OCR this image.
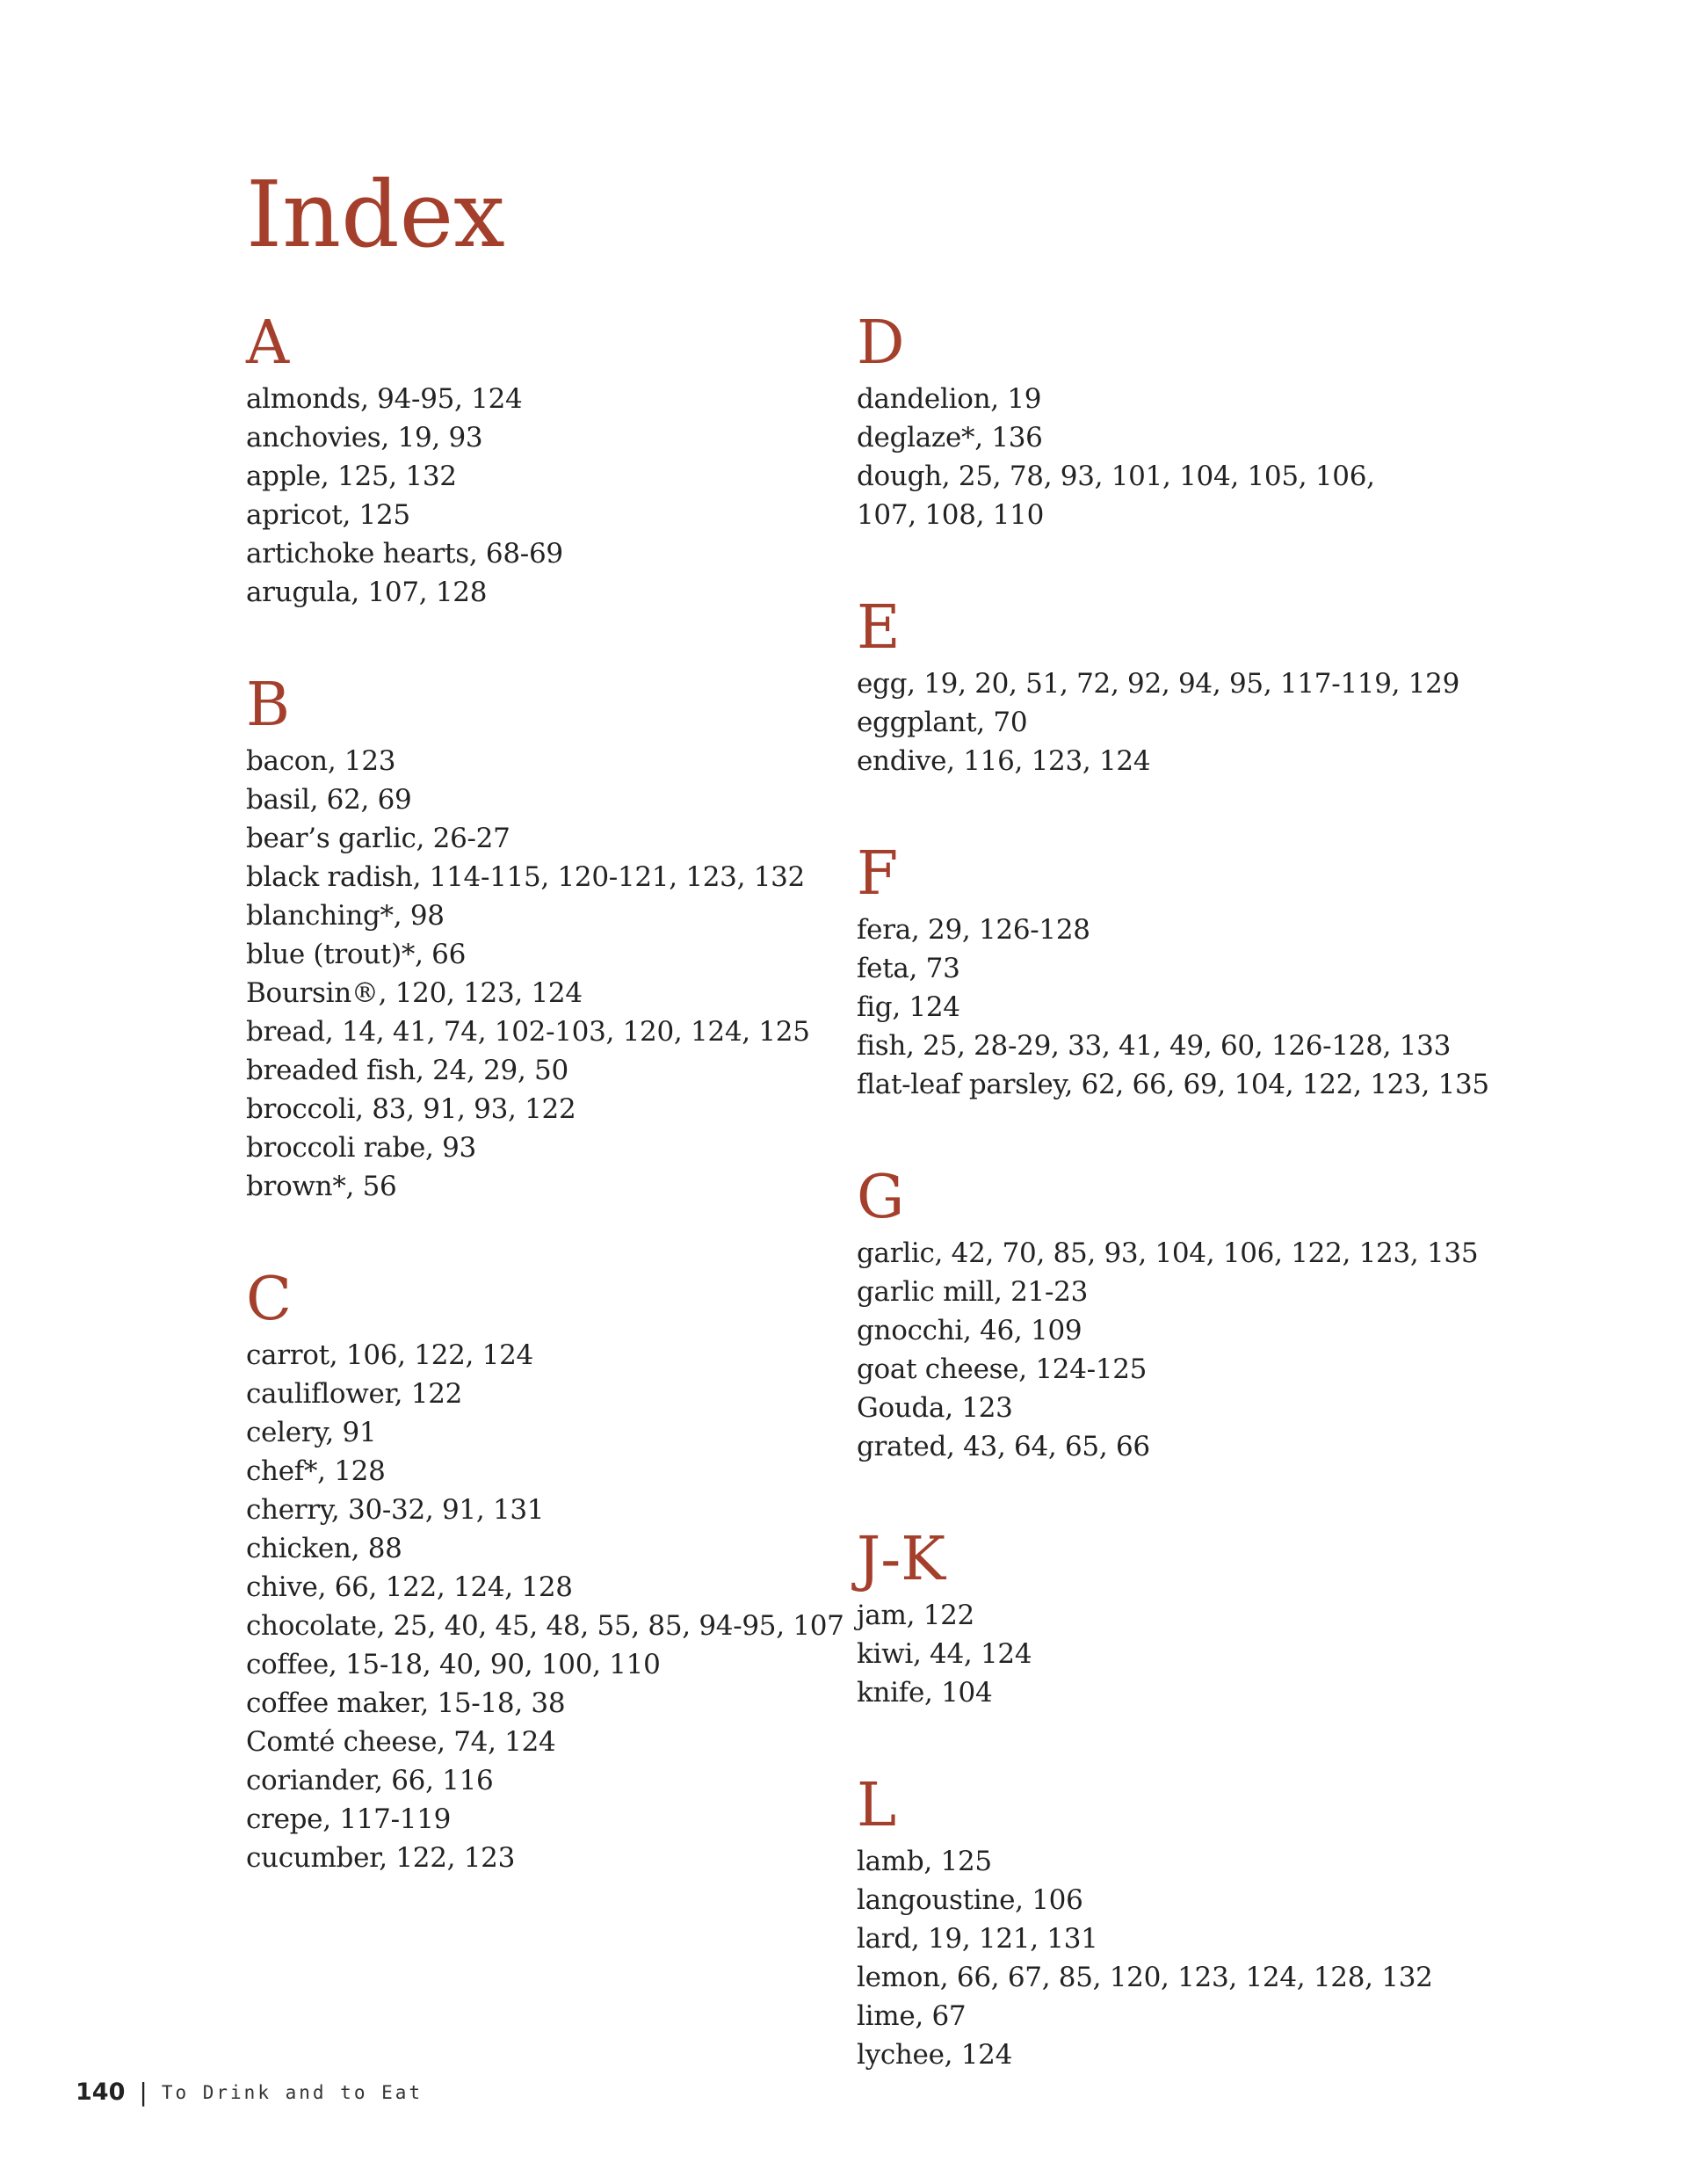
Index
A
almonds, 94-95, 124
anchovies, 19, 93
apple, 125, 132
apricot, 125
artichoke hearts, 68-69
arugula, 107, 128
B
bacon, 123
basil, 62, 69
bear’s garlic, 26-27
black radish, 114-115, 120-121, 123, 132
blanching*, 98
blue (trout)*, 66
Boursin®, 120, 123, 124
bread, 14, 41, 74, 102-103, 120, 124, 125
breaded fish, 24, 29, 50
broccoli, 83, 91, 93, 122
broccoli rabe, 93
brown*, 56
C
carrot, 106, 122, 124
cauliflower, 122
celery, 91
chef*, 128
cherry, 30-32, 91, 131
chicken, 88
chive, 66, 122, 124, 128
chocolate, 25, 40, 45, 48, 55, 85, 94-95, 107
coffee, 15-18, 40, 90, 100, 110
coffee maker, 15-18, 38
Comté cheese, 74, 124
coriander, 66, 116
crepe, 117-119
cucumber, 122, 123
D
dandelion, 19
deglaze*, 136
dough, 25, 78, 93, 101, 104, 105, 106, 107, 108, 110
E
egg, 19, 20, 51, 72, 92, 94, 95, 117-119, 129
eggplant, 70
endive, 116, 123, 124
F
fera, 29, 126-128
feta, 73
fig, 124
fish, 25, 28-29, 33, 41, 49, 60, 126-128, 133
flat-leaf parsley, 62, 66, 69, 104, 122, 123, 135
G
garlic, 42, 70, 85, 93, 104, 106, 122, 123, 135
garlic mill, 21-23
gnocchi, 46, 109
goat cheese, 124-125
Gouda, 123
grated, 43, 64, 65, 66
J-K
jam, 122
kiwi, 44, 124
knife, 104
L
lamb, 125
langoustine, 106
lard, 19, 121, 131
lemon, 66, 67, 85, 120, 123, 124, 128, 132
lime, 67
lychee, 124
140 | To Drink and to Eat
